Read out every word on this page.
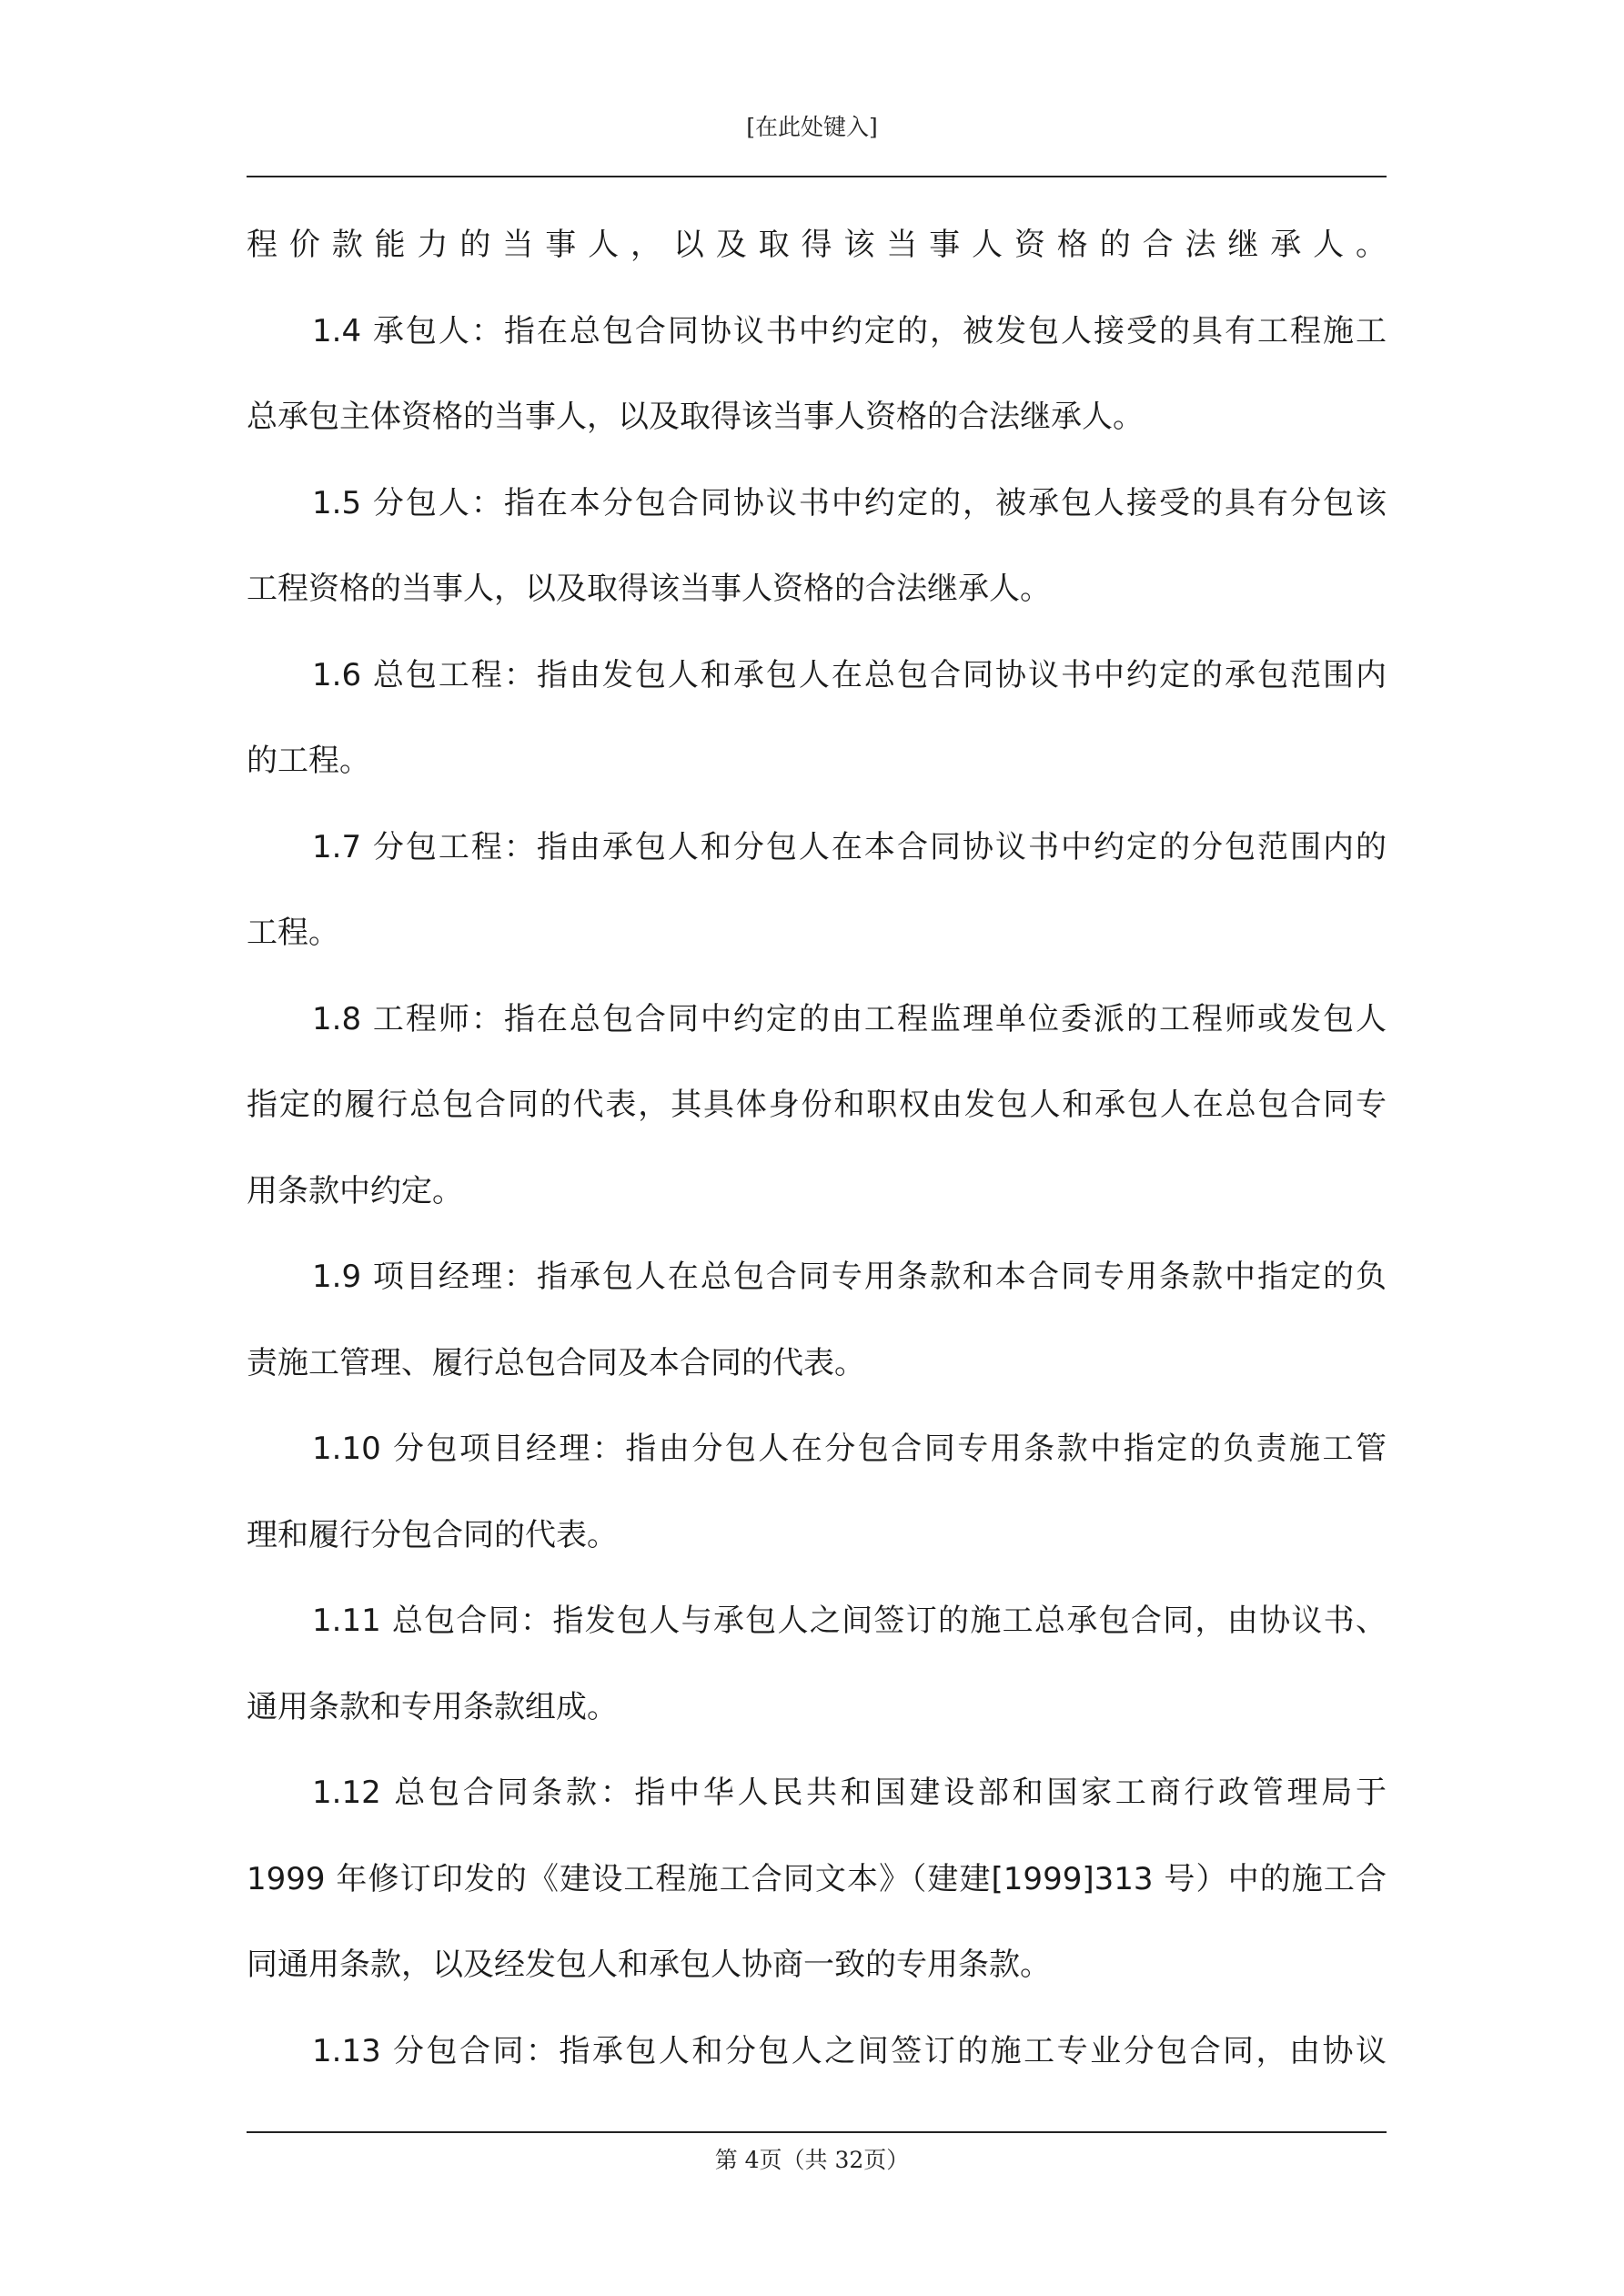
[在此处键入]
程价款能力的当事人，以及取得该当事人资格的合法继承人。
1.4 承包人：指在总包合同协议书中约定的，被发包人接受的具有工程施工
总承包主体资格的当事人，以及取得该当事人资格的合法继承人。
1.5 分包人：指在本分包合同协议书中约定的，被承包人接受的具有分包该
工程资格的当事人，以及取得该当事人资格的合法继承人。
1.6 总包工程：指由发包人和承包人在总包合同协议书中约定的承包范围内
的工程。
1.7 分包工程：指由承包人和分包人在本合同协议书中约定的分包范围内的
工程。
1.8 工程师：指在总包合同中约定的由工程监理单位委派的工程师或发包人
指定的履行总包合同的代表，其具体身份和职权由发包人和承包人在总包合同专
用条款中约定。
1.9 项目经理：指承包人在总包合同专用条款和本合同专用条款中指定的负
责施工管理、履行总包合同及本合同的代表。
1.10 分包项目经理：指由分包人在分包合同专用条款中指定的负责施工管
理和履行分包合同的代表。
1.11 总包合同：指发包人与承包人之间签订的施工总承包合同，由协议书、
通用条款和专用条款组成。
1.12 总包合同条款：指中华人民共和国建设部和国家工商行政管理局于
1999 年修订印发的《建设工程施工合同文本》（建建[1999]313 号）中的施工合
同通用条款，以及经发包人和承包人协商一致的专用条款。
1.13 分包合同：指承包人和分包人之间签订的施工专业分包合同，由协议
第 4页（共 32页）
